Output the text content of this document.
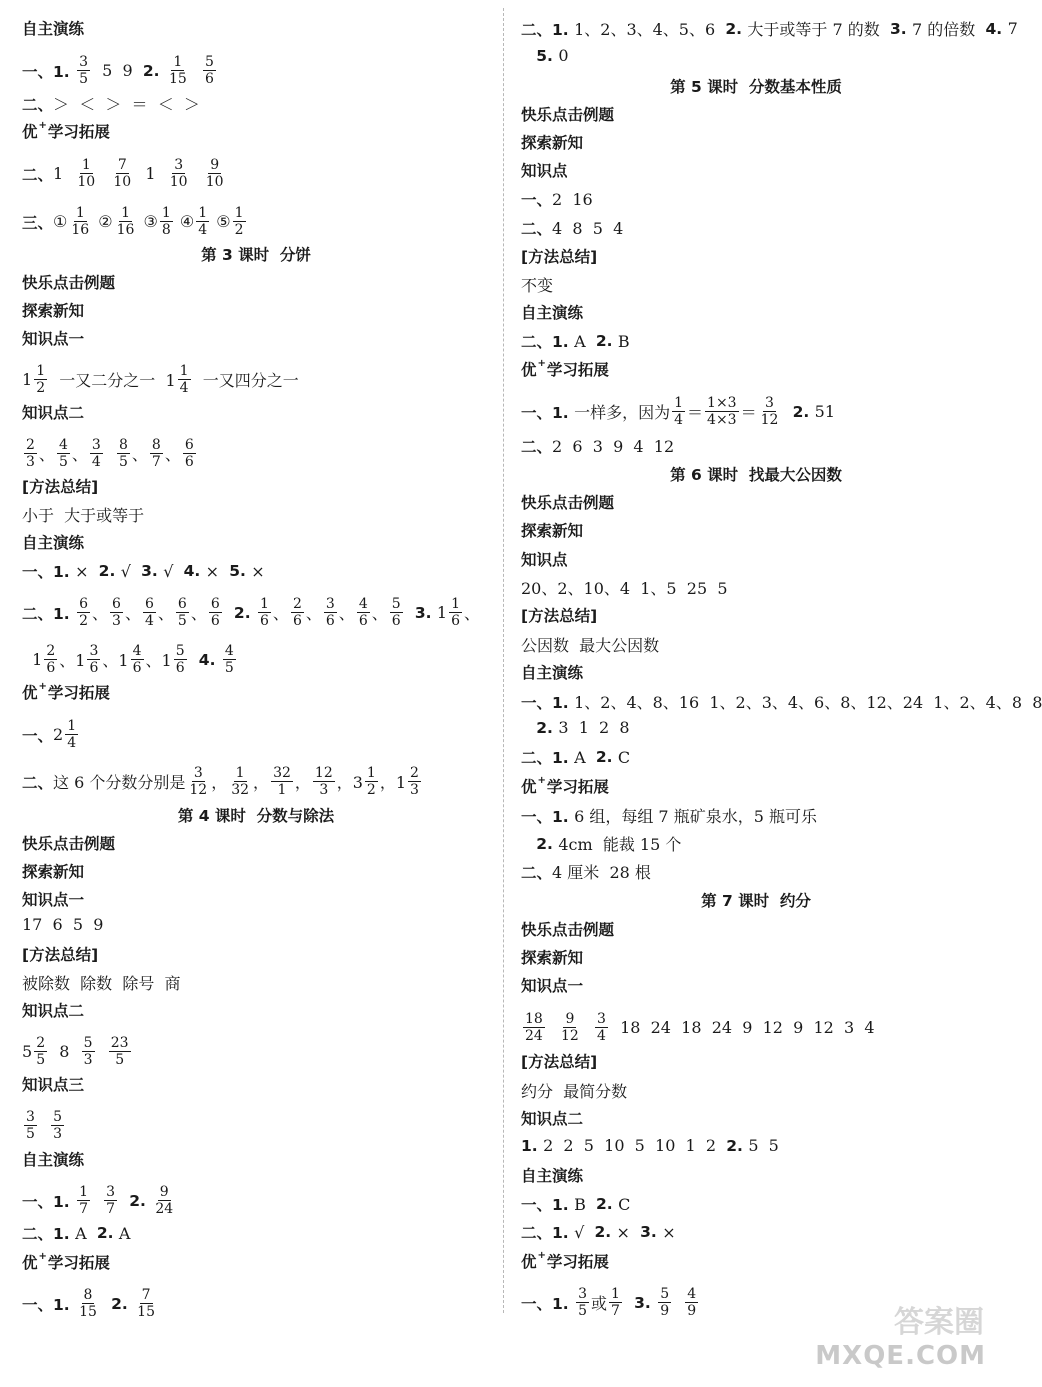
自主演练
一、1. $\frac{3}{5} 5$  9 2. $\frac{1}{15}$
$\frac{5}{6}$
二、 ＞  ＜  ＞  ＝  ＜  ＞
优 + 学习拓展
二、 $1 \frac{1}{10}$
$\frac{7}{10} 1 \frac{3}{10}$
$\frac{9}{10}$
三、 ① $\frac{1}{16}$ ② $\frac{1}{16}$ ③ $\frac{1}{8}$ ④ $\frac{1}{4}$ ⑤ $\frac{1}{2}$
第 3 课时  分饼
快乐点击例题
探索新知
知识点一
$1 \frac{1}{2}$ 一又二分之一  $1 \frac{1}{4}$ 一又四分之一
知识点二
$\frac{2}{3}$ 、 $\frac{4}{5}$ 、 $\frac{3}{4}$
$\frac{8}{5}$ 、 $\frac{8}{7}$ 、 $\frac{6}{6}$
[方法总结]
小于  大于或等于
自主演练
一、1. × 2. √ 3. √ 4. × 5. ×
二、1. $\frac{6}{2}$ 、 $\frac{6}{3}$ 、 $\frac{6}{4}$ 、 $\frac{6}{5}$ 、 $\frac{6}{6}$
2. $\frac{1}{6}$ 、 $\frac{2}{6}$ 、 $\frac{3}{6}$ 、 $\frac{4}{6}$ 、 $\frac{5}{6}$
3. $1 \frac{1}{6}$ 、
$1 \frac{2}{6}$ 、$1 \frac{3}{6}$ 、$1 \frac{4}{6}$ 、$1 \frac{5}{6}$
4. $\frac{4}{5}$
优 + 学习拓展
一、 $2 \frac{1}{4}$
二、 这 6 个分数分别是 $\frac{3}{12}$ ， $\frac{1}{32}$ ， $\frac{32}{1}$ ， $\frac{12}{3}$ ，$3 \frac{1}{2}$ ，$1 \frac{2}{3}$
第 4 课时  分数与除法
快乐点击例题
探索新知
知识点一
17  6  5  9
[方法总结]
被除数  除数  除号  商
知识点二
$5 \frac{2}{5} 8 \frac{5}{3}$
$\frac{23}{5}$
知识点三
$\frac{3}{5}$
$\frac{5}{3}$
自主演练
一、1. $\frac{1}{7}$
$\frac{3}{7}$
2. $\frac{9}{24}$
二、1. A 2. A
优 + 学习拓展
一、1. $\frac{8}{15}$
2. $\frac{7}{15}$
二、1. 1、2、3、4、5、6 2. 大于或等于 7 的数 3. 7 的倍数 4. 7

5. 0
第 5 课时  分数基本性质
快乐点击例题
探索新知
知识点
一、 2  16
二、 4  8  5  4
[方法总结]
不变
自主演练
二、1. A 2. B
优 + 学习拓展
一、1. 一样多，因为 $\frac{1}{4} = \frac{1\times 3}{4\times 3} = \frac{3}{12}$
2. 51
二、 2  6  3  9  4  12
第 6 课时  找最大公因数
快乐点击例题
探索新知
知识点
20、2、10、4  1、5  25  5
[方法总结]
公因数  最大公因数
自主演练
一、1. 1、2、4、8、16  1、2、3、4、6、8、12、24  1、2、4、8  8

2. 3  1  2  8
二、1. A 2. C
优 + 学习拓展
一、1. 6 组，每组 7 瓶矿泉水，5 瓶可乐

2. 4cm  能裁 15 个
二、 4 厘米  28 根
第 7 课时  约分
快乐点击例题
探索新知
知识点一
$\frac{18}{24}$
$\frac{9}{12}$
$\frac{3}{4} 18$  24  18  24  9  12  9  12  3  4
[方法总结]
约分  最简分数
知识点二
1. 2  2  5  10  5  10  1  2 2. 5  5
自主演练
一、1. B 2. C
二、1. √ 2. × 3. ×
优 + 学习拓展
一、1. $\frac{3}{5}$ 或 $\frac{1}{7}$
3. $\frac{5}{9}$
$\frac{4}{9}$
答案圈
MXQE.COM
